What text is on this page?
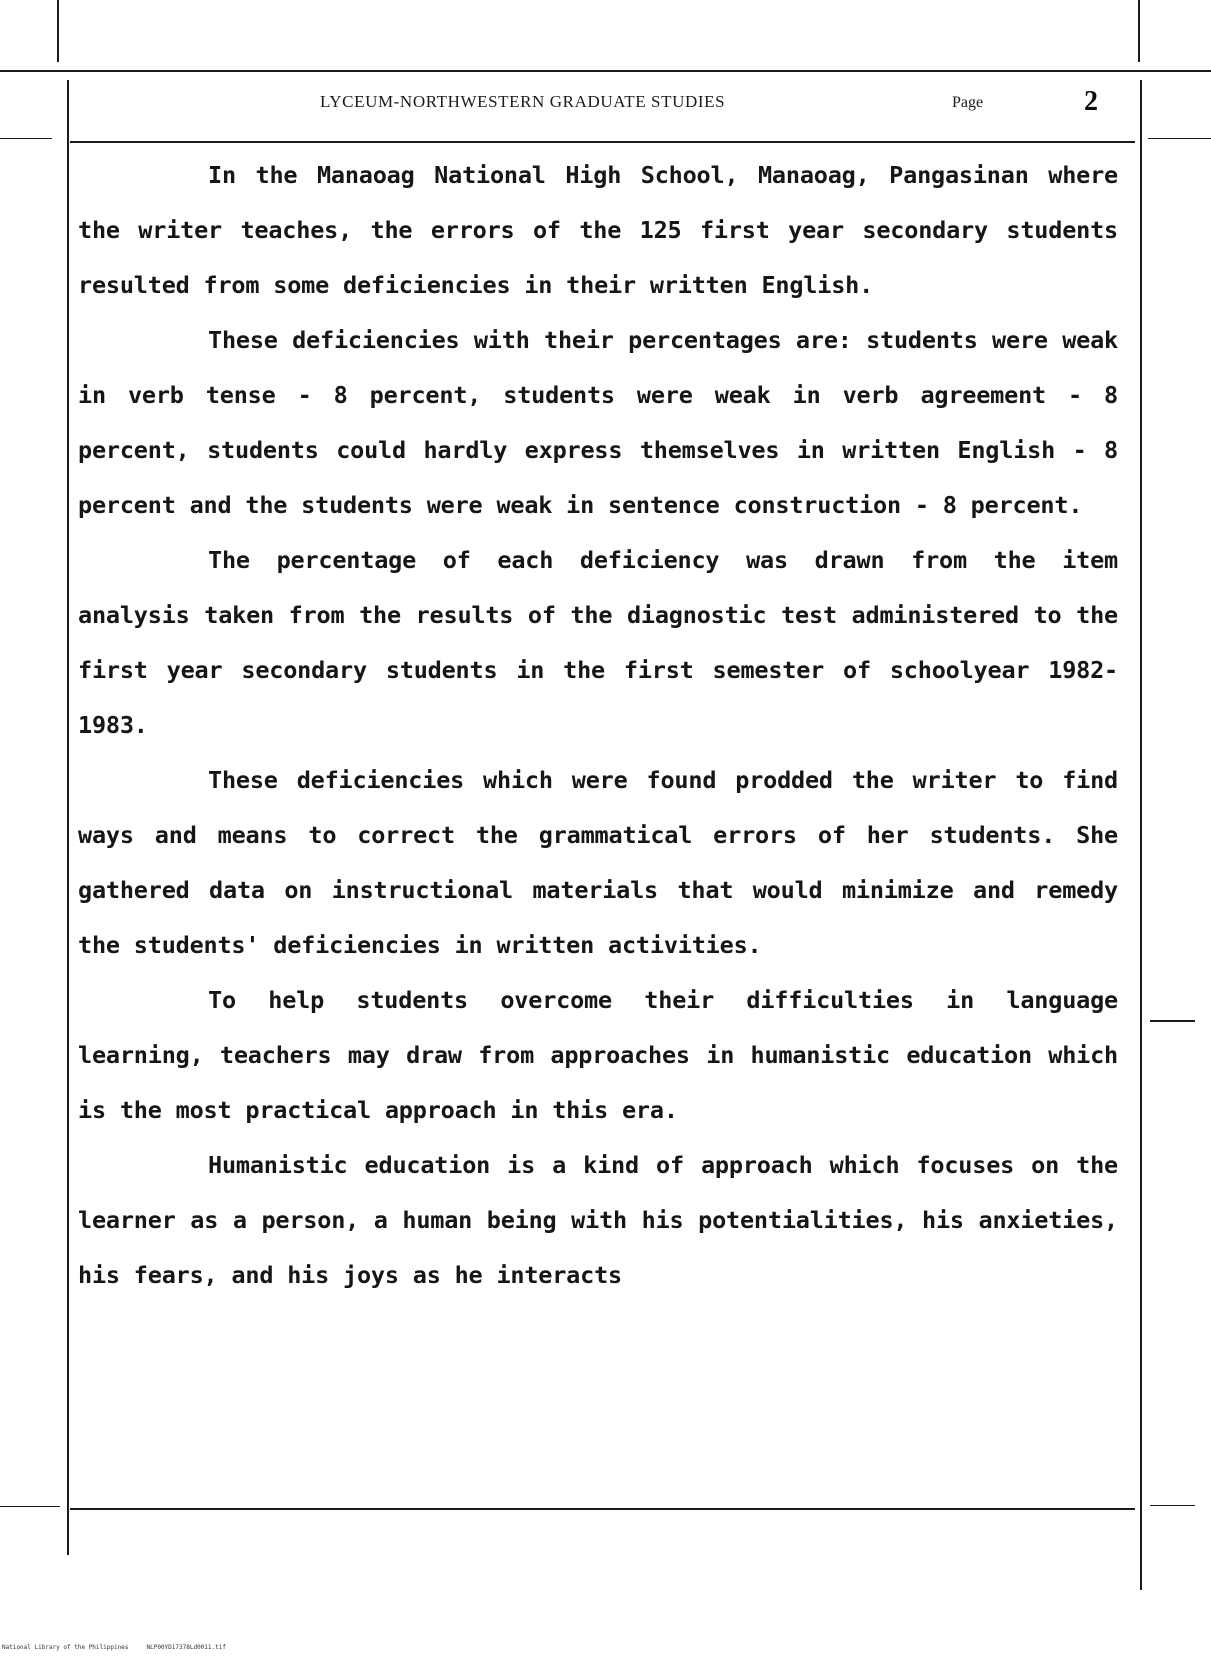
LYCEUM-NORTHWESTERN GRADUATE STUDIES	Page	2

In the Manaoag National High School, Manaoag, Pangasinan where the writer teaches, the errors of the 125 first year secondary students resulted from some deficiencies in their written English.

These deficiencies with their percentages are: students were weak in verb tense - 8 percent, students were weak in verb agreement - 8 percent, students could hardly express themselves in written English - 8 percent and the students were weak in sentence construction - 8 percent.

The percentage of each deficiency was drawn from the item analysis taken from the results of the diagnostic test administered to the first year secondary students in the first semester of schoolyear 1982-1983.

These deficiencies which were found prodded the writer to find ways and means to correct the grammatical errors of her students. She gathered data on instructional materials that would minimize and remedy the students' deficiencies in written activities.

To help students overcome their difficulties in language learning, teachers may draw from approaches in humanistic education which is the most practical approach in this era.

Humanistic education is a kind of approach which focuses on the learner as a person, a human being with his potentialities, his anxieties, his fears, and his joys as he interacts

National Library of the Philippines	NLP00YD17378Ld0011.tif
